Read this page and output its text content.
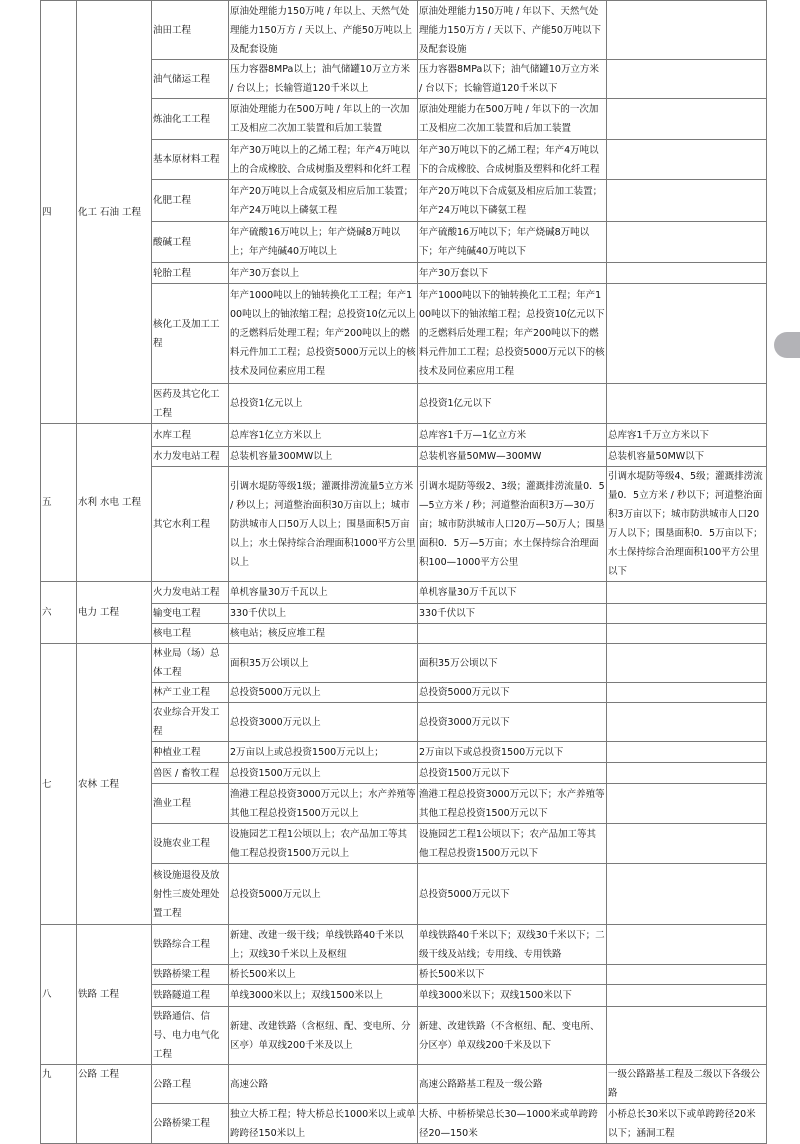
四	化工 石油 工程	油田工程	原油处理能力150万吨 / 年以上、天然气处理能力150万方 / 天以上、产能50万吨以上及配套设施	原油处理能力150万吨 / 年以下、天然气处理能力150万方 / 天以下、产能50万吨以下及配套设施	
		油气储运工程	压力容器8MPa以上；油气储罐10万立方米 / 台以上；长输管道120千米以上	压力容器8MPa以下；油气储罐10万立方米 / 台以下；长输管道120千米以下	
		炼油化工工程	原油处理能力在500万吨 / 年以上的一次加工及相应二次加工装置和后加工装置	原油处理能力在500万吨 / 年以下的一次加工及相应二次加工装置和后加工装置	
		基本原材料工程	年产30万吨以上的乙烯工程；年产4万吨以上的合成橡胶、合成树脂及塑料和化纤工程	年产30万吨以下的乙烯工程；年产4万吨以下的合成橡胶、合成树脂及塑料和化纤工程	
		化肥工程	年产20万吨以上合成氨及相应后加工装置；年产24万吨以上磷氨工程	年产20万吨以下合成氨及相应后加工装置；年产24万吨以下磷氨工程	
		酸碱工程	年产硫酸16万吨以上；年产烧碱8万吨以上；年产纯碱40万吨以上	年产硫酸16万吨以下；年产烧碱8万吨以下；年产纯碱40万吨以下	
		轮胎工程	年产30万套以上	年产30万套以下	
		核化工及加工工程	年产1000吨以上的铀转换化工工程；年产100吨以上的铀浓缩工程；总投资10亿元以上的乏燃料后处理工程；年产200吨以上的燃料元件加工工程；总投资5000万元以上的核技术及同位素应用工程	年产1000吨以下的铀转换化工工程；年产100吨以下的铀浓缩工程；总投资10亿元以下的乏燃料后处理工程；年产200吨以下的燃料元件加工工程；总投资5000万元以下的核技术及同位素应用工程	
		医药及其它化工工程	总投资1亿元以上	总投资1亿元以下	
五	水利 水电 工程	水库工程	总库容1亿立方米以上	总库容1千万—1亿立方米	总库容1千万立方米以下
		水力发电站工程	总装机容量300MW以上	总装机容量50MW—300MW	总装机容量50MW以下
		其它水利工程	引调水堤防等级1级；灌溉排涝流量5立方米 / 秒以上；河道整治面积30万亩以上；城市防洪城市人口50万人以上；围垦面积5万亩以上；水土保持综合治理面积1000平方公里以上	引调水堤防等级2、3级；灌溉排涝流量0．5—5立方米 / 秒；河道整治面积3万—30万亩；城市防洪城市人口20万—50万人；围垦面积0．5万—5万亩；水土保持综合治理面积100—1000平方公里	引调水堤防等级4、5级；灌溉排涝流量0．5立方米 / 秒以下；河道整治面积3万亩以下；城市防洪城市人口20万人以下；围垦面积0．5万亩以下；水土保持综合治理面积100平方公里以下
六	电力 工程	火力发电站工程	单机容量30万千瓦以上	单机容量30万千瓦以下	
		输变电工程	330千伏以上	330千伏以下	
		核电工程	核电站；核反应堆工程		
七	农林 工程	林业局（场）总体工程	面积35万公顷以上	面积35万公顷以下	
		林产工业工程	总投资5000万元以上	总投资5000万元以下	
		农业综合开发工程	总投资3000万元以上	总投资3000万元以下	
		种植业工程	2万亩以上或总投资1500万元以上；	2万亩以下或总投资1500万元以下	
		兽医 / 畜牧工程	总投资1500万元以上	总投资1500万元以下	
		渔业工程	渔港工程总投资3000万元以上；水产养殖等其他工程总投资1500万元以上	渔港工程总投资3000万元以下；水产养殖等其他工程总投资1500万元以下	
		设施农业工程	设施园艺工程1公顷以上；农产品加工等其他工程总投资1500万元以上	设施园艺工程1公顷以下；农产品加工等其他工程总投资1500万元以下	
		核设施退役及放射性三废处理处置工程	总投资5000万元以上	总投资5000万元以下	
八	铁路 工程	铁路综合工程	新建、改建一级干线；单线铁路40千米以上；双线30千米以上及枢纽	单线铁路40千米以下；双线30千米以下；二级干线及站线；专用线、专用铁路	
		铁路桥梁工程	桥长500米以上	桥长500米以下	
		铁路隧道工程	单线3000米以上；双线1500米以上	单线3000米以下；双线1500米以下	
		铁路通信、信号、电力电气化工程	新建、改建铁路（含枢纽、配、变电所、分区亭）单双线200千米及以上	新建、改建铁路（不含枢纽、配、变电所、分区亭）单双线200千米及以下	
九	公路 工程	公路工程	高速公路	高速公路路基工程及一级公路	一级公路路基工程及二级以下各级公路
		公路桥梁工程	独立大桥工程；特大桥总长1000米以上或单跨跨径150米以上	大桥、中桥桥梁总长30—1000米或单跨跨径20—150米	小桥总长30米以下或单跨跨径20米以下；涵洞工程
